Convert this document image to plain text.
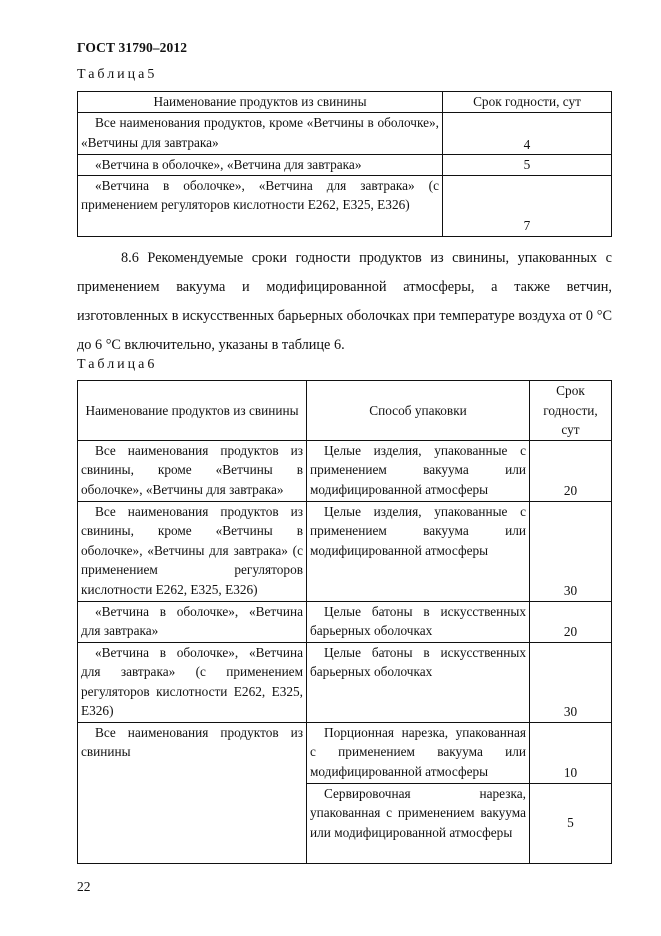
ГОСТ 31790–2012
Таблица5
Наименование продуктов из свинины	Срок годности, сут
Все наименования продуктов, кроме «Ветчины в оболочке», «Ветчины для завтрака»	4
«Ветчина в оболочке», «Ветчина для завтрака»	5
«Ветчина в оболочке», «Ветчина для завтрака» (с применением регуляторов кислотности Е262, Е325, Е326)	7
8.6 Рекомендуемые сроки годности продуктов из свинины, упакованных с применением вакуума и модифицированной атмосферы, а также ветчин, изготовленных в искусственных барьерных оболочках при температуре воздуха от 0 °С до 6 °С включительно, указаны в таблице 6.
Таблица6
Наименование продуктов из свинины	Способ упаковки	Срок годности, сут
Все наименования продуктов из свинины, кроме «Ветчины в оболочке», «Ветчины для завтрака»	Целые изделия, упакованные с применением вакуума или модифицированной атмосферы	20
Все наименования продуктов из свинины, кроме «Ветчины в оболочке», «Ветчины для завтрака» (с применением регуляторов кислотности Е262, Е325, Е326)	Целые изделия, упакованные с применением вакуума или модифицированной атмосферы	30
«Ветчина в оболочке», «Ветчина для завтрака»	Целые батоны в искусственных барьерных оболочках	20
«Ветчина в оболочке», «Ветчина для завтрака» (с применением регуляторов кислотности Е262, Е325, Е326)	Целые батоны в искусственных барьерных оболочках	30
Все наименования продуктов из свинины	Порционная нарезка, упакованная с применением вакуума или модифицированной атмосферы	10
	Сервировочная нарезка, упакованная с применением вакуума или модифицированной атмосферы	5
22
